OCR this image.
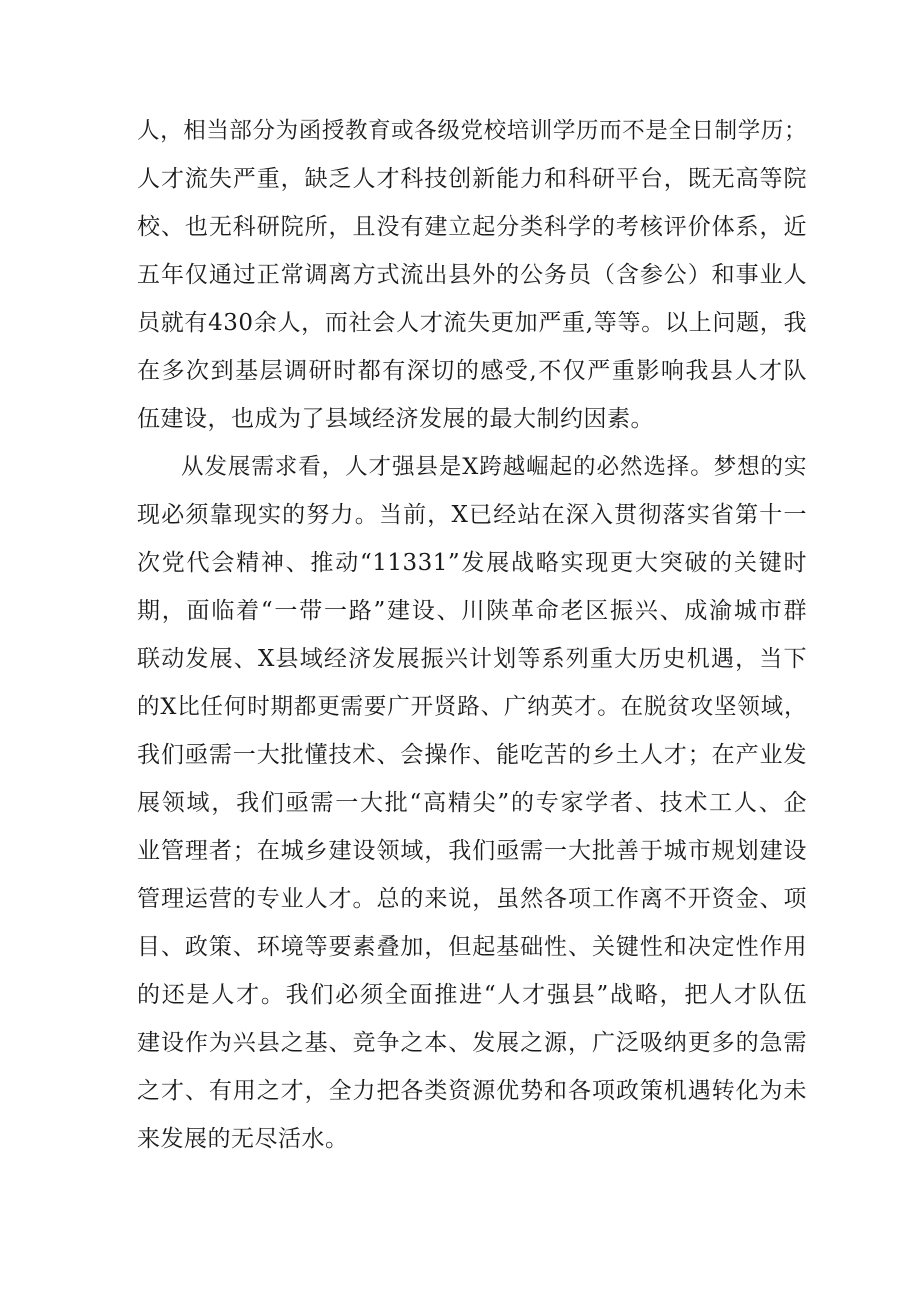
人，相当部分为函授教育或各级党校培训学历而不是全日制学历；
人才流失严重，缺乏人才科技创新能力和科研平台，既无高等院
校、也无科研院所，且没有建立起分类科学的考核评价体系，近
五年仅通过正常调离方式流出县外的公务员（含参公）和事业人
员就有430余人，而社会人才流失更加严重,等等。以上问题，我
在多次到基层调研时都有深切的感受,不仅严重影响我县人才队
伍建设，也成为了县域经济发展的最大制约因素。
从发展需求看，人才强县是X跨越崛起的必然选择。梦想的实
现必须靠现实的努力。当前，X已经站在深入贯彻落实省第十一
次党代会精神、推动“11331”发展战略实现更大突破的关键时
期，面临着“一带一路”建设、川陕革命老区振兴、成渝城市群
联动发展、X县域经济发展振兴计划等系列重大历史机遇，当下
的X比任何时期都更需要广开贤路、广纳英才。在脱贫攻坚领域，
我们亟需一大批懂技术、会操作、能吃苦的乡土人才；在产业发
展领域，我们亟需一大批“高精尖”的专家学者、技术工人、企
业管理者；在城乡建设领域，我们亟需一大批善于城市规划建设
管理运营的专业人才。总的来说，虽然各项工作离不开资金、项
目、政策、环境等要素叠加，但起基础性、关键性和决定性作用
的还是人才。我们必须全面推进“人才强县”战略，把人才队伍
建设作为兴县之基、竞争之本、发展之源，广泛吸纳更多的急需
之才、有用之才，全力把各类资源优势和各项政策机遇转化为未
来发展的无尽活水。
